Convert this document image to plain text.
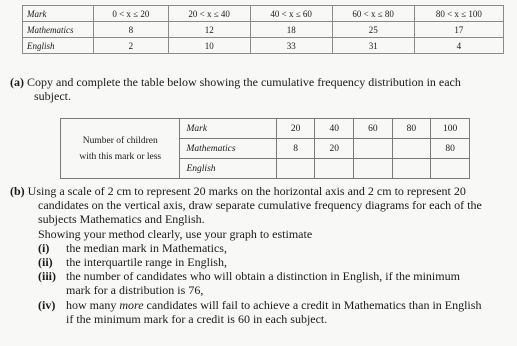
Mark	0 < x ≤ 20	20 < x ≤ 40	40 < x ≤ 60	60 < x ≤ 80	80 < x ≤ 100
Mathematics	8	12	18	25	17
English	2	10	33	31	4
(a) Copy and complete the table below showing the cumulative frequency distribution in each
subject.
Number of children
with this mark or less	Mark	20	40	60	80	100
	Mathematics	8	20			80
	English					
(b) Using a scale of 2 cm to represent 20 marks on the horizontal axis and 2 cm to represent 20
candidates on the vertical axis, draw separate cumulative frequency diagrams for each of the
subjects Mathematics and English.
Showing your method clearly, use your graph to estimate
(i)	the median mark in Mathematics,
(ii)	the interquartile range in English,
(iii) the number of candidates who will obtain a distinction in English, if the minimum
mark for a distribution is 76,
(iv) how many more candidates will fail to achieve a credit in Mathematics than in English
if the minimum mark for a credit is 60 in each subject.
